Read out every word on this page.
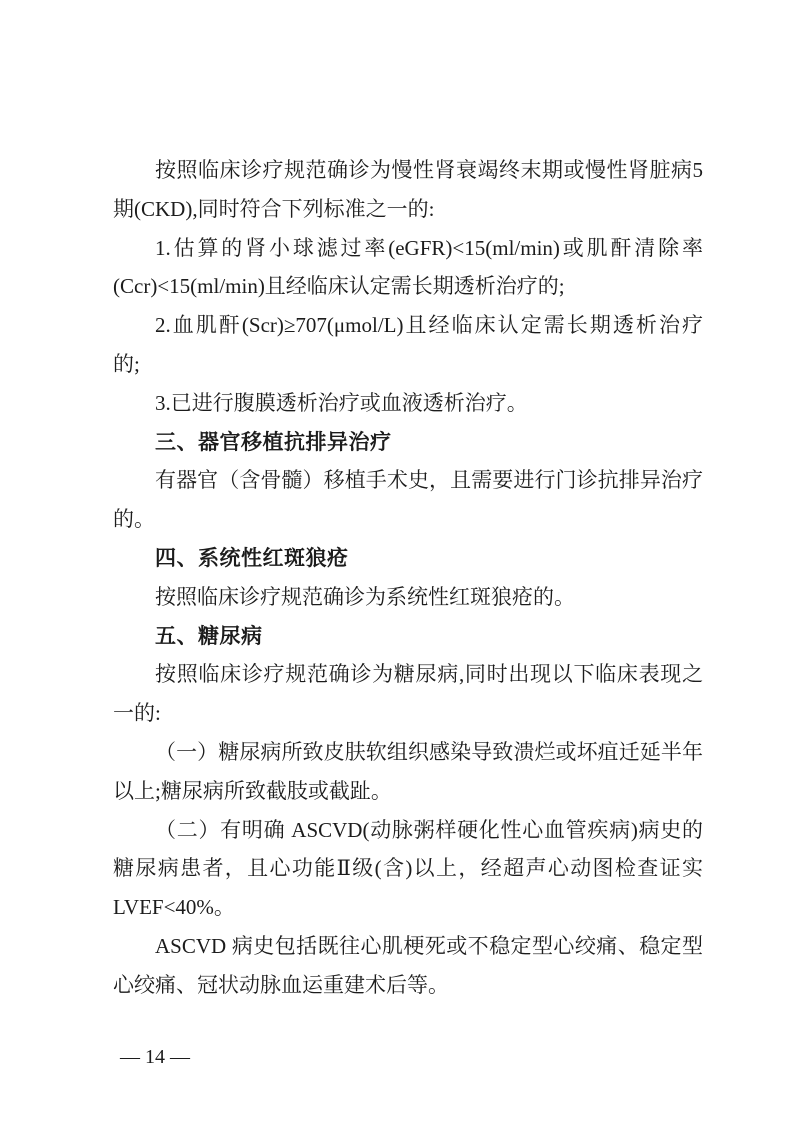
按照临床诊疗规范确诊为慢性肾衰竭终末期或慢性肾脏病5
期(CKD),同时符合下列标准之一的:
1.估算的肾小球滤过率(eGFR)<15(ml/min)或肌酐清除率
(Ccr)<15(ml/min)且经临床认定需长期透析治疗的;
2.血肌酐(Scr)≥707(μmol/L)且经临床认定需长期透析治疗
的;
3.已进行腹膜透析治疗或血液透析治疗。
三、器官移植抗排异治疗
有器官（含骨髓）移植手术史，且需要进行门诊抗排异治疗
的。
四、系统性红斑狼疮
按照临床诊疗规范确诊为系统性红斑狼疮的。
五、糖尿病
按照临床诊疗规范确诊为糖尿病,同时出现以下临床表现之
一的:
（一）糖尿病所致皮肤软组织感染导致溃烂或坏疽迁延半年
以上;糖尿病所致截肢或截趾。
（二）有明确 ASCVD(动脉粥样硬化性心血管疾病)病史的
糖尿病患者，且心功能Ⅱ级(含)以上，经超声心动图检查证实
LVEF<40%。
ASCVD 病史包括既往心肌梗死或不稳定型心绞痛、稳定型
心绞痛、冠状动脉血运重建术后等。
— 14 —
